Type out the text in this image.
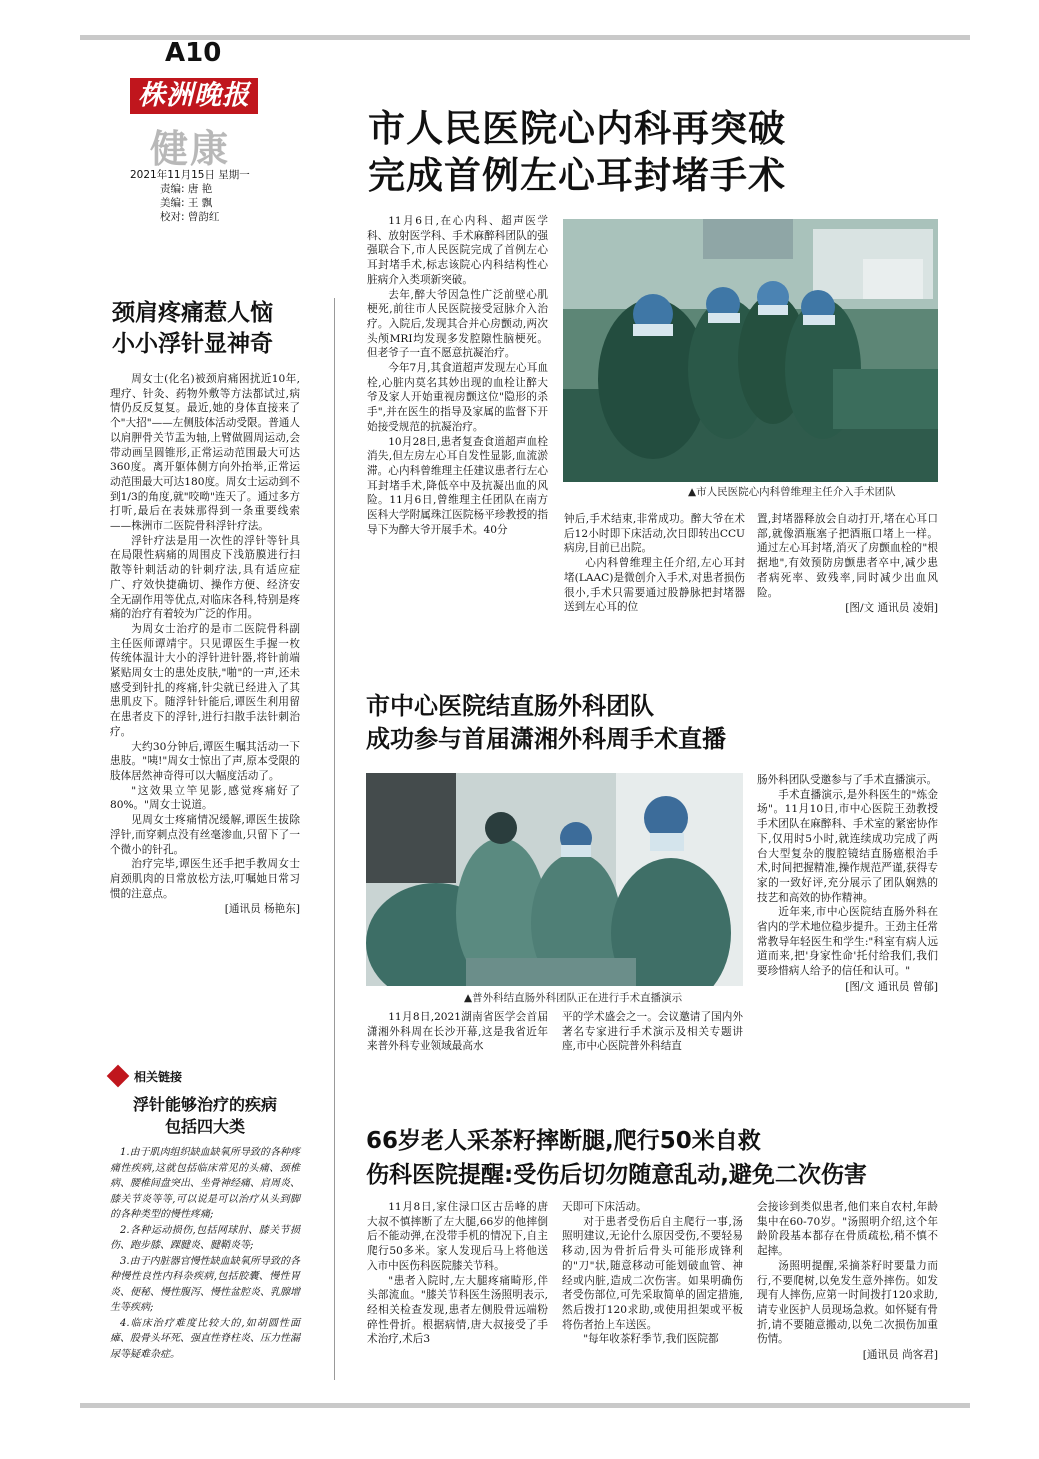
A10
株洲晚报
健康
2021年11月15日 星期一
责编: 唐 艳
美编: 王 飘
校对: 曾韵红
市人民医院心内科再突破
完成首例左心耳封堵手术

11月6日,在心内科、超声医学科、放射医学科、手术麻醉科团队的强强联合下,市人民医院完成了首例左心耳封堵手术,标志该院心内科结构性心脏病介入类项新突破。

去年,醉大爷因急性广泛前壁心肌梗死,前往市人民医院接受冠脉介入治疗。入院后,发现其合并心房颤动,两次头颅MRI均发现多发腔隙性脑梗死。但老爷子一直不愿意抗凝治疗。

今年7月,其食道超声发现左心耳血栓,心脏内莫名其妙出现的血栓让醉大爷及家人开始重视房颤这位"隐形的杀手",并在医生的指导及家属的监督下开始接受规范的抗凝治疗。

10月28日,患者复查食道超声血栓消失,但左房左心耳自发性显影,血流淤滞。心内科曾维理主任建议患者行左心耳封堵手术,降低卒中及抗凝出血的风险。11月6日,曾维理主任团队在南方医科大学附属珠江医院杨平珍教授的指导下为醉大爷开展手术。40分

▲市人民医院心内科曾维理主任介入手术团队

钟后,手术结束,非常成功。醉大爷在术后12小时即下床活动,次日即转出CCU病房,目前已出院。

心内科曾维理主任介绍,左心耳封堵(LAAC)是微创介入手术,对患者损伤很小,手术只需要通过股静脉把封堵器送到左心耳的位

置,封堵器释放会自动打开,堵在心耳口部,就像酒瓶塞子把酒瓶口堵上一样。通过左心耳封堵,消灭了房颤血栓的"根据地",有效预防房颤患者卒中,减少患者病死率、致残率,同时减少出血风险。

[图/文 通讯员 凌娟]

颈肩疼痛惹人恼
小小浮针显神奇

周女士(化名)被颈肩痛困扰近10年,理疗、针灸、药物外敷等方法都试过,病情仍反反复复。最近,她的身体直接来了个"大招"——左侧肢体活动受限。普通人以肩胛骨关节盂为轴,上臂做圆周运动,会带动画呈圆锥形,正常运动范围最大可达360度。离开躯体侧方向外抬举,正常运动范围最大可达180度。周女士运动到不到1/3的角度,就"咬呦"连天了。通过多方打听,最后在表妹那得到一条重要线索——株洲市二医院骨科浮针疗法。

浮针疗法是用一次性的浮针等针具在局限性病痛的周围皮下浅筋膜进行扫散等针刺活动的针刺疗法,具有适应症广、疗效快捷确切、操作方便、经济安全无副作用等优点,对临床各科,特别是疼痛的治疗有着较为广泛的作用。

为周女士治疗的是市二医院骨科副主任医师谭靖宇。只见谭医生手握一枚传统体温计大小的浮针进针器,将针前端紧贴周女士的患处皮肤,"啪"的一声,还未感受到针扎的疼痛,针尖就已经进入了其患肌皮下。随浮针针能后,谭医生利用留在患者皮下的浮针,进行扫散手法针刺治疗。

大约30分钟后,谭医生嘱其活动一下患肢。"咦!"周女士惊出了声,原本受限的肢体居然神奇得可以大幅度活动了。

"这效果立竿见影,感觉疼痛好了80%。"周女士说道。

见周女士疼痛情况缓解,谭医生拔除浮针,而穿刺点没有丝毫渗血,只留下了一个微小的针孔。

治疗完毕,谭医生还手把手教周女士肩颈肌肉的日常放松方法,叮嘱她日常习惯的注意点。

[通讯员 杨艳东]

相关链接
浮针能够治疗的疾病
包括四大类

1.由于肌肉组织缺血缺氧所导致的各种疼痛性疾病,这就包括临床常见的头痛、颈椎病、腰椎间盘突出、坐骨神经痛、肩周炎、膝关节炎等等,可以说是可以治疗从头到脚的各种类型的慢性疼痛;

2.各种运动损伤,包括网球肘、膝关节损伤、跑步膝、踝腱炎、腱鞘炎等;

3.由于内脏器官慢性缺血缺氧所导致的各种慢性良性内科杂疾病,包括胶囊、慢性胃炎、便秘、慢性腹泻、慢性盆腔炎、乳腺增生等疾病;

4.临床治疗难度比较大的,如胡圆性面瘫、股骨头坏死、强直性脊柱炎、压力性漏尿等疑难杂症。

市中心医院结直肠外科团队
成功参与首届潇湘外科周手术直播
▲普外科结直肠外科团队正在进行手术直播演示

11月8日,2021湖南省医学会首届潇湘外科周在长沙开幕,这是我省近年来普外科专业领域最高水

平的学术盛会之一。会议邀请了国内外著名专家进行手术演示及相关专题讲座,市中心医院普外科结直

肠外科团队受邀参与了手术直播演示。

手术直播演示,是外科医生的"炼金场"。11月10日,市中心医院王劲教授手术团队在麻醉科、手术室的紧密协作下,仅用时5小时,就连续成功完成了两台大型复杂的腹腔镜结直肠癌根治手术,时间把握精准,操作规范严谨,获得专家的一致好评,充分展示了团队娴熟的技艺和高效的协作精神。

近年来,市中心医院结直肠外科在省内的学术地位稳步提升。王劲主任常常教导年轻医生和学生:"科室有病人远道而来,把'身家性命'托付给我们,我们要珍惜病人给予的信任和认可。"

[图/文 通讯员 曾郁]

66岁老人采茶籽摔断腿,爬行50米自救
伤科医院提醒:受伤后切勿随意乱动,避免二次伤害

11月8日,家住渌口区古岳峰的唐大叔不慎摔断了左大腿,66岁的他摔倒后不能动弹,在没带手机的情况下,自主爬行50多米。家人发现后马上将他送入市中医伤科医院膝关节科。

"患者入院时,左大腿疼痛畸形,伴头部流血。"膝关节科医生汤照明表示,经相关检查发现,患者左侧股骨远端粉碎性骨折。根据病情,唐大叔接受了手术治疗,术后3

天即可下床活动。

对于患者受伤后自主爬行一事,汤照明建议,无论什么原因受伤,不要轻易移动,因为骨折后骨头可能形成锋利的"刀"状,随意移动可能划破血管、神经或内脏,造成二次伤害。如果明确伤者受伤部位,可先采取简单的固定措施,然后拨打120求助,或使用担架或平板将伤者抬上车送医。

"每年收茶籽季节,我们医院都

会接诊到类似患者,他们来自农村,年龄集中在60-70岁。"汤照明介绍,这个年龄阶段基本都存在骨质疏松,稍不慎不起摔。

汤照明提醒,采摘茶籽时要量力而行,不要爬树,以免发生意外摔伤。如发现有人摔伤,应第一时间拨打120求助,请专业医护人员现场急救。如怀疑有骨折,请不要随意搬动,以免二次损伤加重伤情。

[通讯员 尚客君]
